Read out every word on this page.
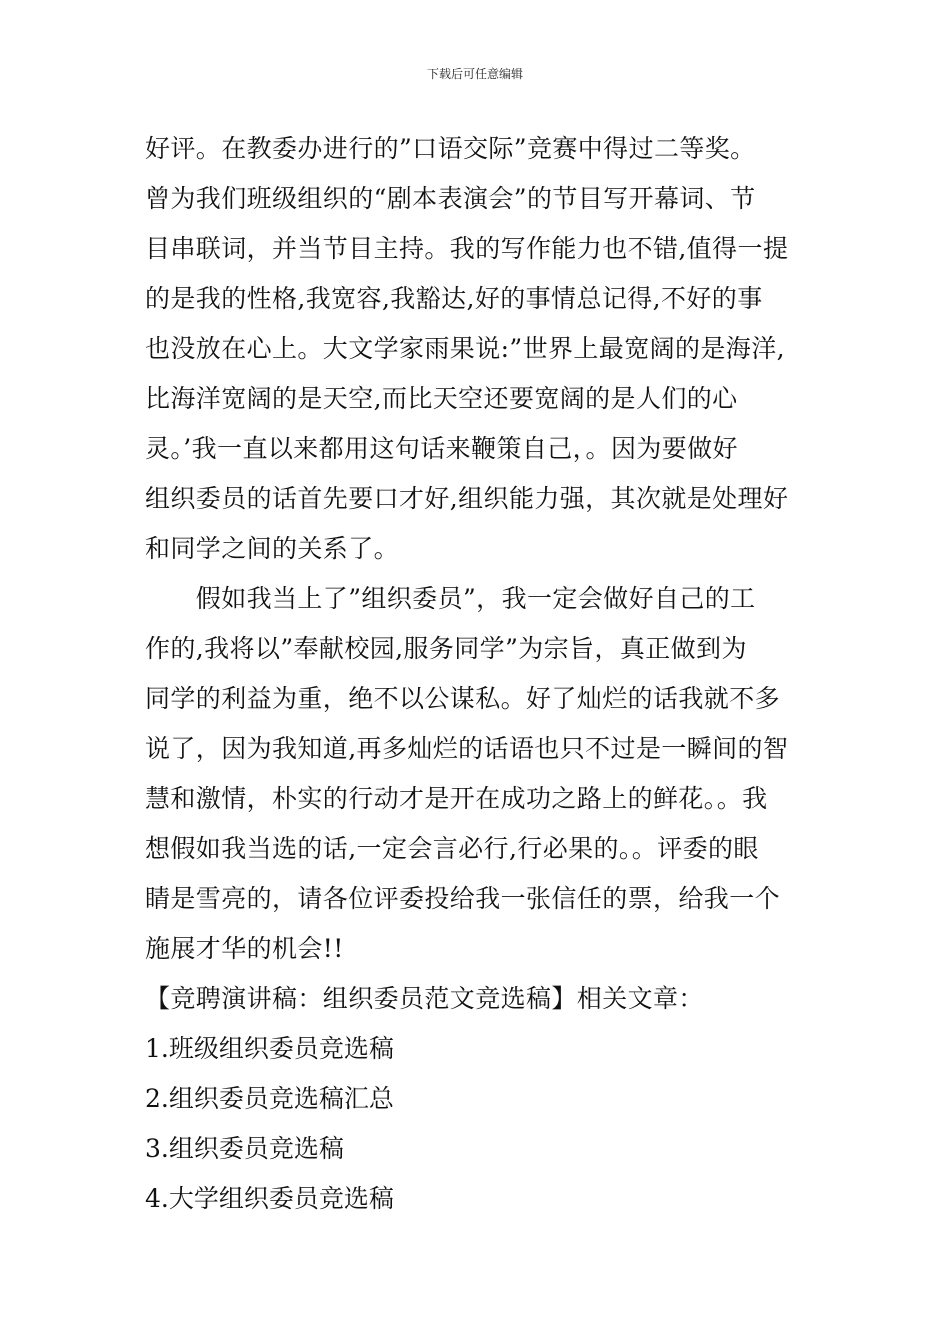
下载后可任意编辑
好评。在教委办进行的”口语交际”竞赛中得过二等奖。
曾为我们班级组织的“剧本表演会”的节目写开幕词、节
目串联词，并当节目主持。我的写作能力也不错,值得一提
的是我的性格,我宽容,我豁达,好的事情总记得,不好的事
也没放在心上。大文学家雨果说:”世界上最宽阔的是海洋,
比海洋宽阔的是天空,而比天空还要宽阔的是人们的心
灵。’我一直以来都用这句话来鞭策自己，。因为要做好
组织委员的话首先要口才好,组织能力强，其次就是处理好
和同学之间的关系了。
　　假如我当上了”组织委员”，我一定会做好自己的工
作的,我将以”奉献校园,服务同学”为宗旨，真正做到为
同学的利益为重，绝不以公谋私。好了灿烂的话我就不多
说了，因为我知道,再多灿烂的话语也只不过是一瞬间的智
慧和激情，朴实的行动才是开在成功之路上的鲜花。。我
想假如我当选的话,一定会言必行,行必果的。。评委的眼
睛是雪亮的，请各位评委投给我一张信任的票，给我一个
施展才华的机会!!
【竞聘演讲稿：组织委员范文竞选稿】相关文章：
1.班级组织委员竞选稿
2.组织委员竞选稿汇总
3.组织委员竞选稿
4.大学组织委员竞选稿
